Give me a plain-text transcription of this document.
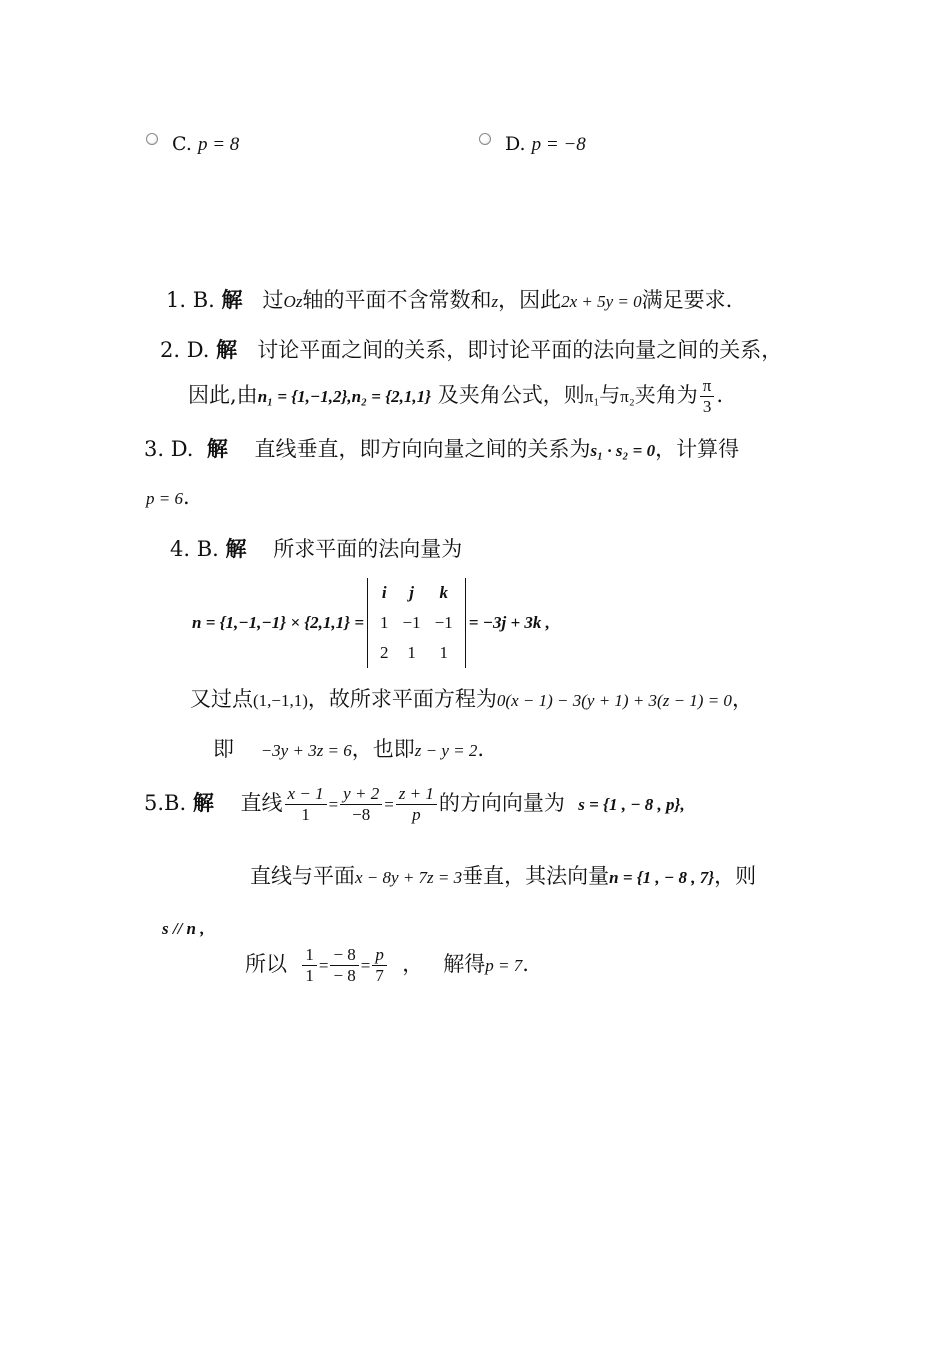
C. p = 8	D. p = −8
1. B. 解 过Oz轴的平面不含常数和z，因此2x + 5y = 0满足要求.
2. D. 解 讨论平面之间的关系，即讨论平面的法向量之间的关系，
因此,由n₁ = {1,−1,2},n₂ = {2,1,1} 及夹角公式，则π₁与π₂夹角为 $\frac{\pi}{3}$ .
3. D. 解 直线垂直，即方向向量之间的关系为s₁ · s₂ = 0，计算得
p = 6.
4. B. 解 所求平面的法向量为
n = {1,−1,−1} × {2,1,1} =
i	j	k
1	−1	−1
2	1	1
= −3j + 3k ,
又过点(1,−1,1)，故所求平面方程为0(x − 1) − 3(y + 1) + 3(z − 1) = 0，
即 −3y + 3z = 6，也即z − y = 2.
5.B. 解 直线 $\frac{x - 1}{1} = \frac{y + 2}{-8} = \frac{z + 1}{p}$ 的方向向量为 s = {1 , − 8 , p},
直线与平面x − 8y + 7z = 3垂直，其法向量n = {1 , − 8 , 7}，则
s // n ,
所以 $\frac{1}{1} = \frac{- 8}{- 8} = \frac{p}{7}$ ， 解得p = 7.
